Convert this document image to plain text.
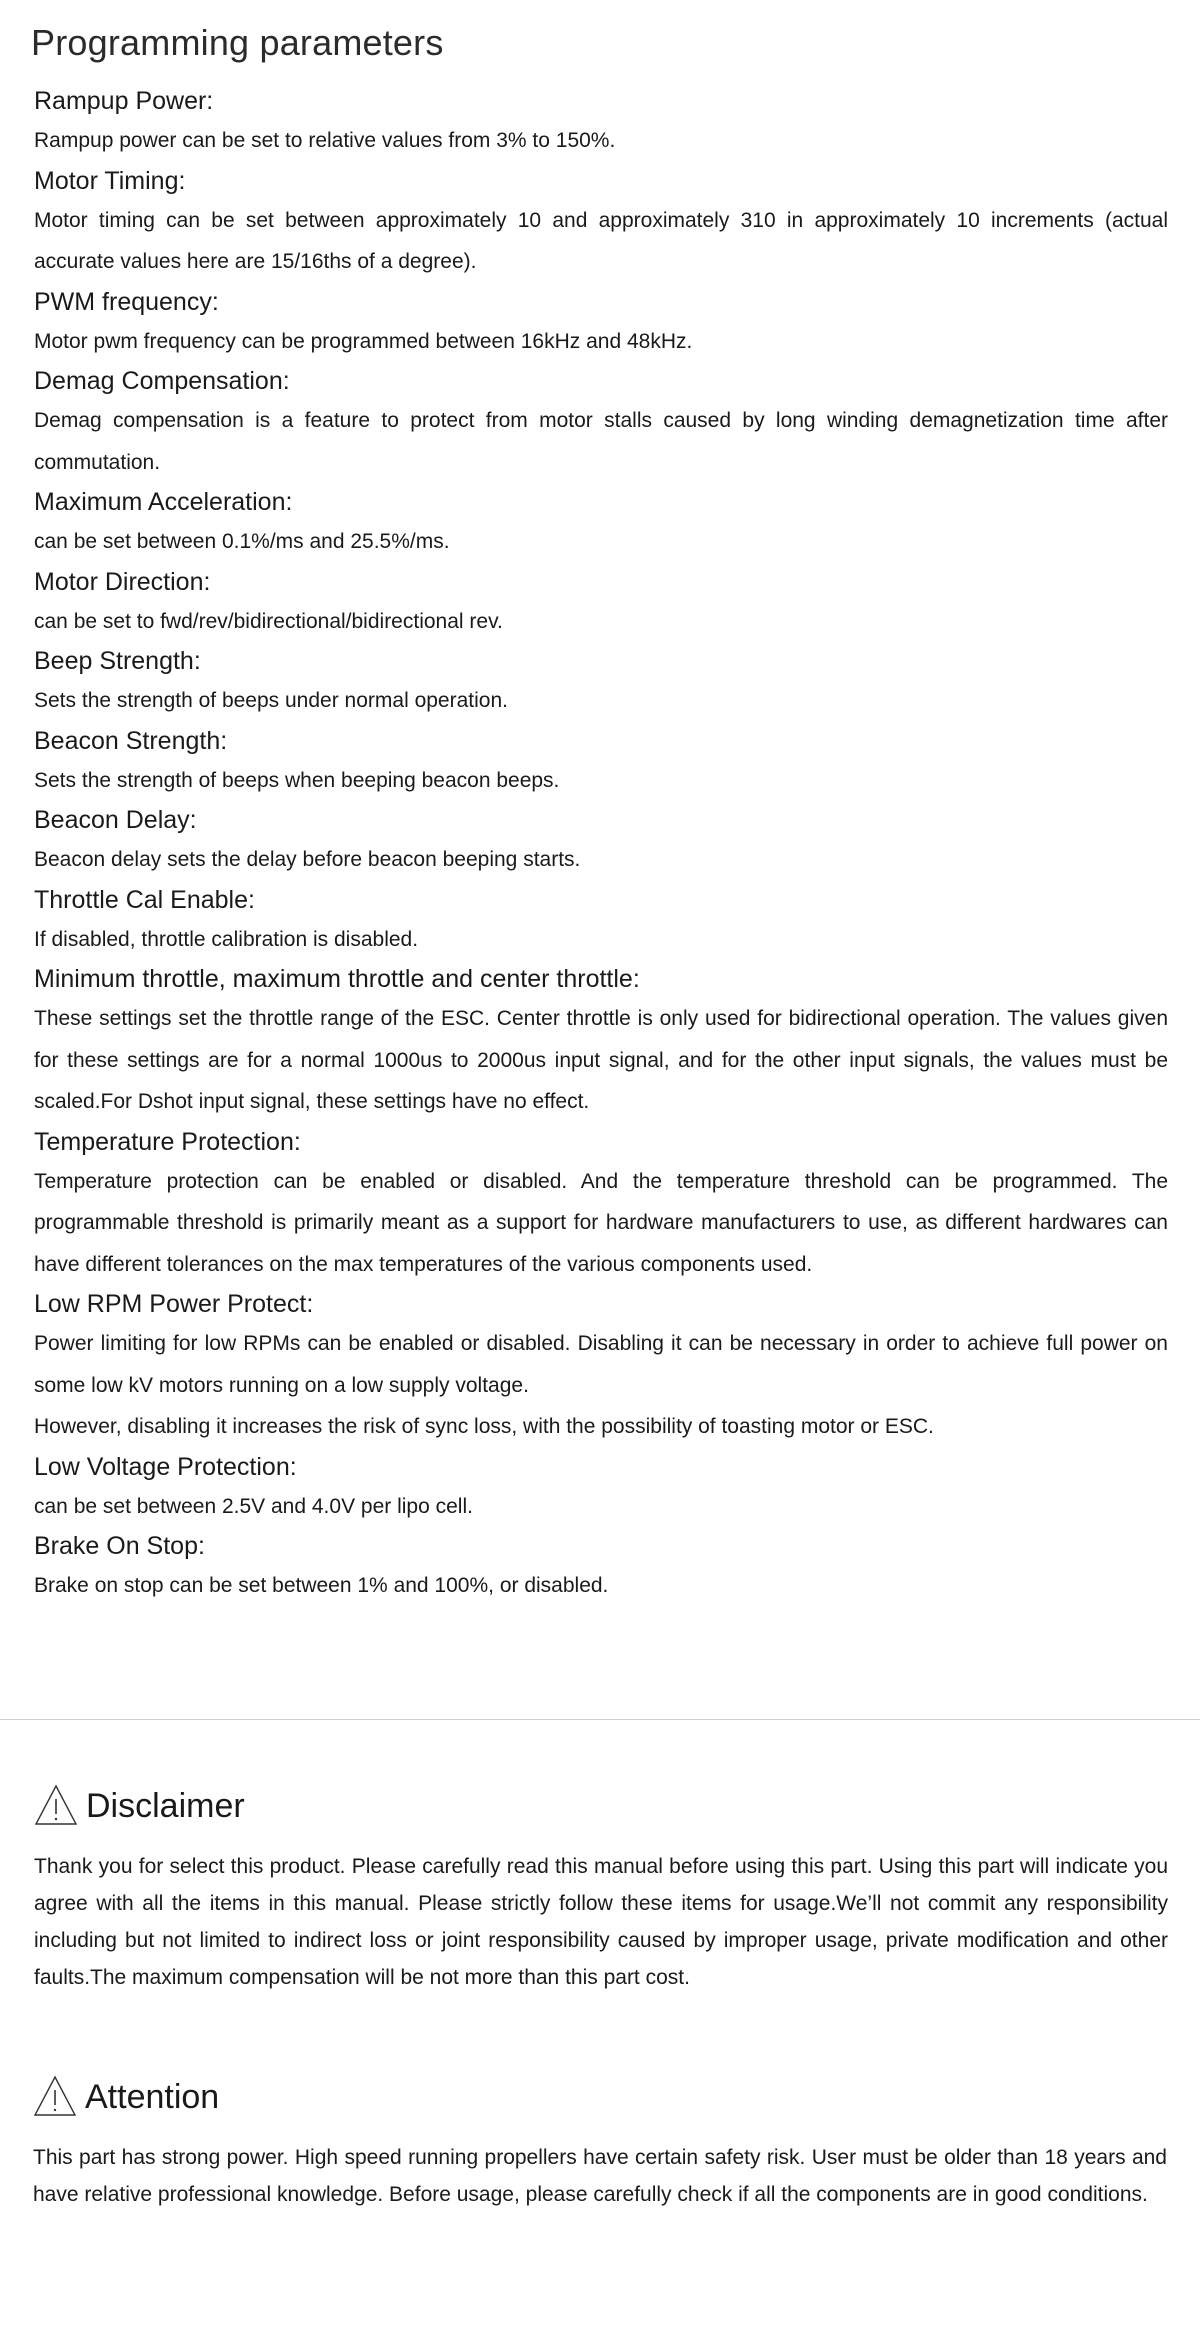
Programming parameters
Rampup Power:

Rampup power can be set to relative values from 3% to 150%.

Motor Timing:

Motor timing can be set between approximately 10 and approximately 310 in approximately 10 increments (actual accurate values here are 15/16ths of a degree).

PWM frequency:

Motor pwm frequency can be programmed between 16kHz and 48kHz.

Demag Compensation:

Demag compensation is a feature to protect from motor stalls caused by long winding demagnetization time after commutation.

Maximum Acceleration:

can be set between 0.1%/ms and 25.5%/ms.

Motor Direction:

can be set to fwd/rev/bidirectional/bidirectional rev.

Beep Strength:

Sets the strength of beeps under normal operation.

Beacon Strength:

Sets the strength of beeps when beeping beacon beeps.

Beacon Delay:

Beacon delay sets the delay before beacon beeping starts.

Throttle Cal Enable:

If disabled, throttle calibration is disabled.

Minimum throttle, maximum throttle and center throttle:

These settings set the throttle range of the ESC. Center throttle is only used for bidirectional operation. The values given for these settings are for a normal 1000us to 2000us input signal, and for the other input signals, the values must be scaled.For Dshot input signal, these settings have no effect.

Temperature Protection:

Temperature protection can be enabled or disabled. And the temperature threshold can be programmed. The programmable threshold is primarily meant as a support for hardware manufacturers to use, as different hardwares can have different tolerances on the max temperatures of the various components used.

Low RPM Power Protect:

Power limiting for low RPMs can be enabled or disabled. Disabling it can be necessary in order to achieve full power on some low kV motors running on a low supply voltage.

However, disabling it increases the risk of sync loss, with the possibility of toasting motor or ESC.

Low Voltage Protection:

can be set between 2.5V and 4.0V per lipo cell.

Brake On Stop:

Brake on stop can be set between 1% and 100%, or disabled.

Disclaimer

Thank you for select this product. Please carefully read this manual before using this part. Using this part will indicate you agree with all the items in this manual. Please strictly follow these items for usage.We’ll not commit any responsibility including but not limited to indirect loss or joint responsibility caused by improper usage, private modification and other faults.The maximum compensation will be not more than this part cost.

Attention

This part has strong power. High speed running propellers have certain safety risk. User must be older than 18 years and have relative professional knowledge. Before usage, please carefully check if all the components are in good conditions.
